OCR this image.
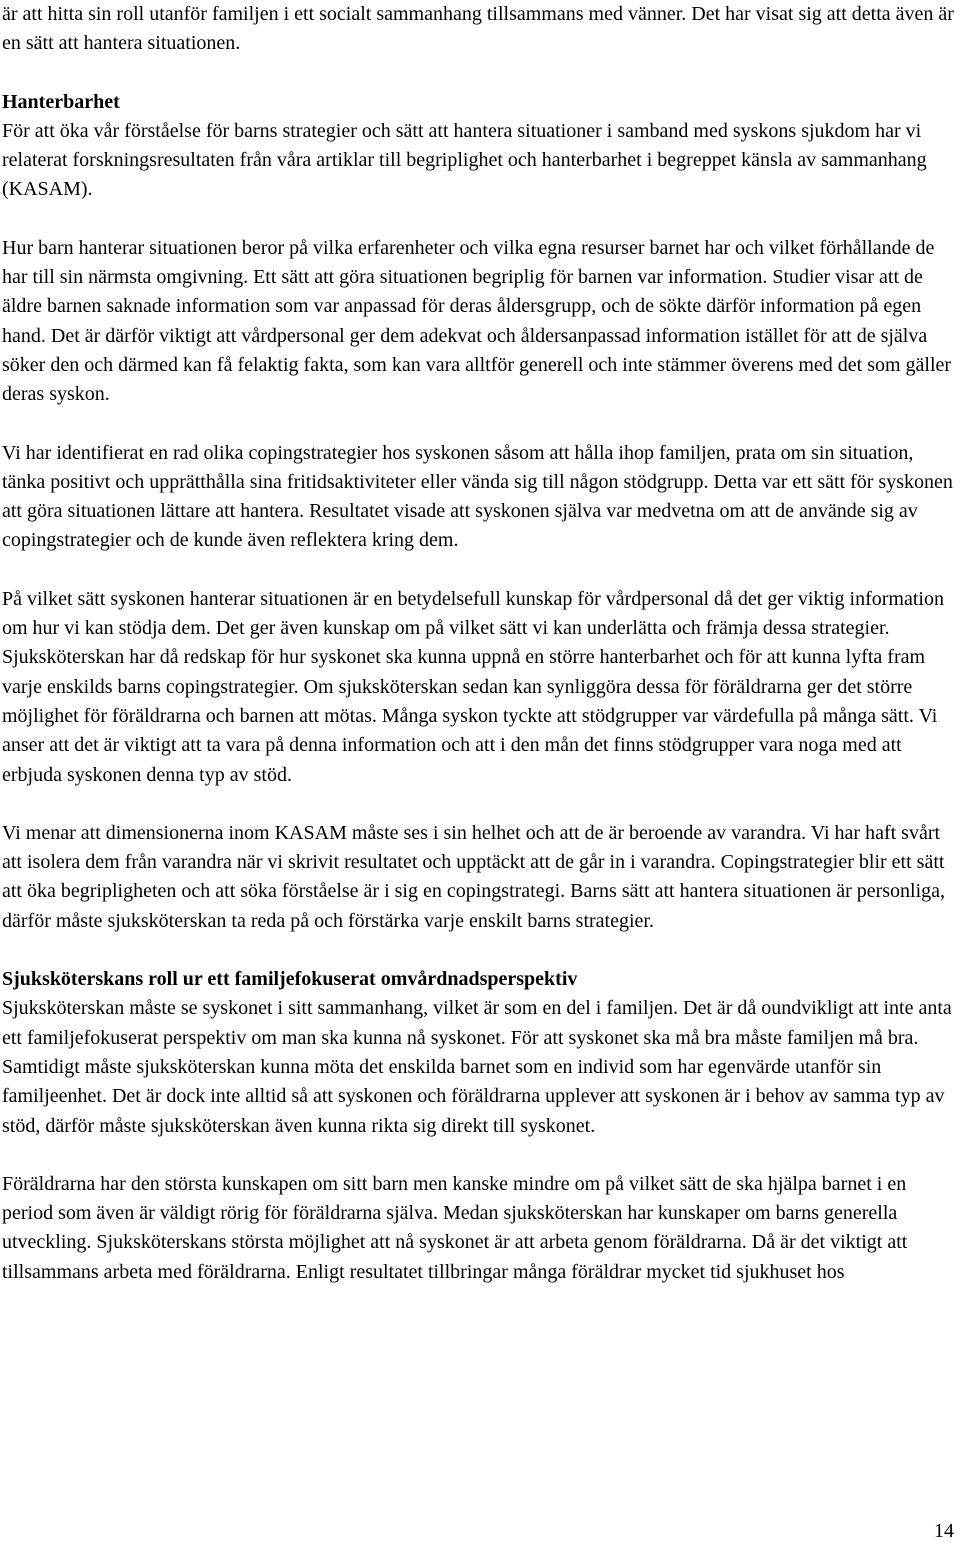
är att hitta sin roll utanför familjen i ett socialt sammanhang tillsammans med vänner. Det har visat sig att detta även är en sätt att hantera situationen.

Hanterbarhet

För att öka vår förståelse för barns strategier och sätt att hantera situationer i samband med syskons sjukdom har vi relaterat forskningsresultaten från våra artiklar till begriplighet och hanterbarhet i begreppet känsla av sammanhang (KASAM).

Hur barn hanterar situationen beror på vilka erfarenheter och vilka egna resurser barnet har och vilket förhållande de har till sin närmsta omgivning. Ett sätt att göra situationen begriplig för barnen var information. Studier visar att de äldre barnen saknade information som var anpassad för deras åldersgrupp, och de sökte därför information på egen hand. Det är därför viktigt att vårdpersonal ger dem adekvat och åldersanpassad information istället för att de själva söker den och därmed kan få felaktig fakta, som kan vara alltför generell och inte stämmer överens med det som gäller deras syskon.

Vi har identifierat en rad olika copingstrategier hos syskonen såsom att hålla ihop familjen, prata om sin situation, tänka positivt och upprätthålla sina fritidsaktiviteter eller vända sig till någon stödgrupp. Detta var ett sätt för syskonen att göra situationen lättare att hantera. Resultatet visade att syskonen själva var medvetna om att de använde sig av copingstrategier och de kunde även reflektera kring dem.

På vilket sätt syskonen hanterar situationen är en betydelsefull kunskap för vårdpersonal då det ger viktig information om hur vi kan stödja dem. Det ger även kunskap om på vilket sätt vi kan underlätta och främja dessa strategier. Sjuksköterskan har då redskap för hur syskonet ska kunna uppnå en större hanterbarhet och för att kunna lyfta fram varje enskilds barns copingstrategier. Om sjuksköterskan sedan kan synliggöra dessa för föräldrarna ger det större möjlighet för föräldrarna och barnen att mötas. Många syskon tyckte att stödgrupper var värdefulla på många sätt. Vi anser att det är viktigt att ta vara på denna information och att i den mån det finns stödgrupper vara noga med att erbjuda syskonen denna typ av stöd.

Vi menar att dimensionerna inom KASAM måste ses i sin helhet och att de är beroende av varandra. Vi har haft svårt att isolera dem från varandra när vi skrivit resultatet och upptäckt att de går in i varandra. Copingstrategier blir ett sätt att öka begripligheten och att söka förståelse är i sig en copingstrategi. Barns sätt att hantera situationen är personliga, därför måste sjuksköterskan ta reda på och förstärka varje enskilt barns strategier.

Sjuksköterskans roll ur ett familjefokuserat omvårdnadsperspektiv

Sjuksköterskan måste se syskonet i sitt sammanhang, vilket är som en del i familjen. Det är då oundvikligt att inte anta ett familjefokuserat perspektiv om man ska kunna nå syskonet. För att syskonet ska må bra måste familjen må bra. Samtidigt måste sjuksköterskan kunna möta det enskilda barnet som en individ som har egenvärde utanför sin familjeenhet. Det är dock inte alltid så att syskonen och föräldrarna upplever att syskonen är i behov av samma typ av stöd, därför måste sjuksköterskan även kunna rikta sig direkt till syskonet.

Föräldrarna har den största kunskapen om sitt barn men kanske mindre om på vilket sätt de ska hjälpa barnet i en period som även är väldigt rörig för föräldrarna själva. Medan sjuksköterskan har kunskaper om barns generella utveckling. Sjuksköterskans största möjlighet att nå syskonet är att arbeta genom föräldrarna. Då är det viktigt att tillsammans arbeta med föräldrarna. Enligt resultatet tillbringar många föräldrar mycket tid sjukhuset hos

14
